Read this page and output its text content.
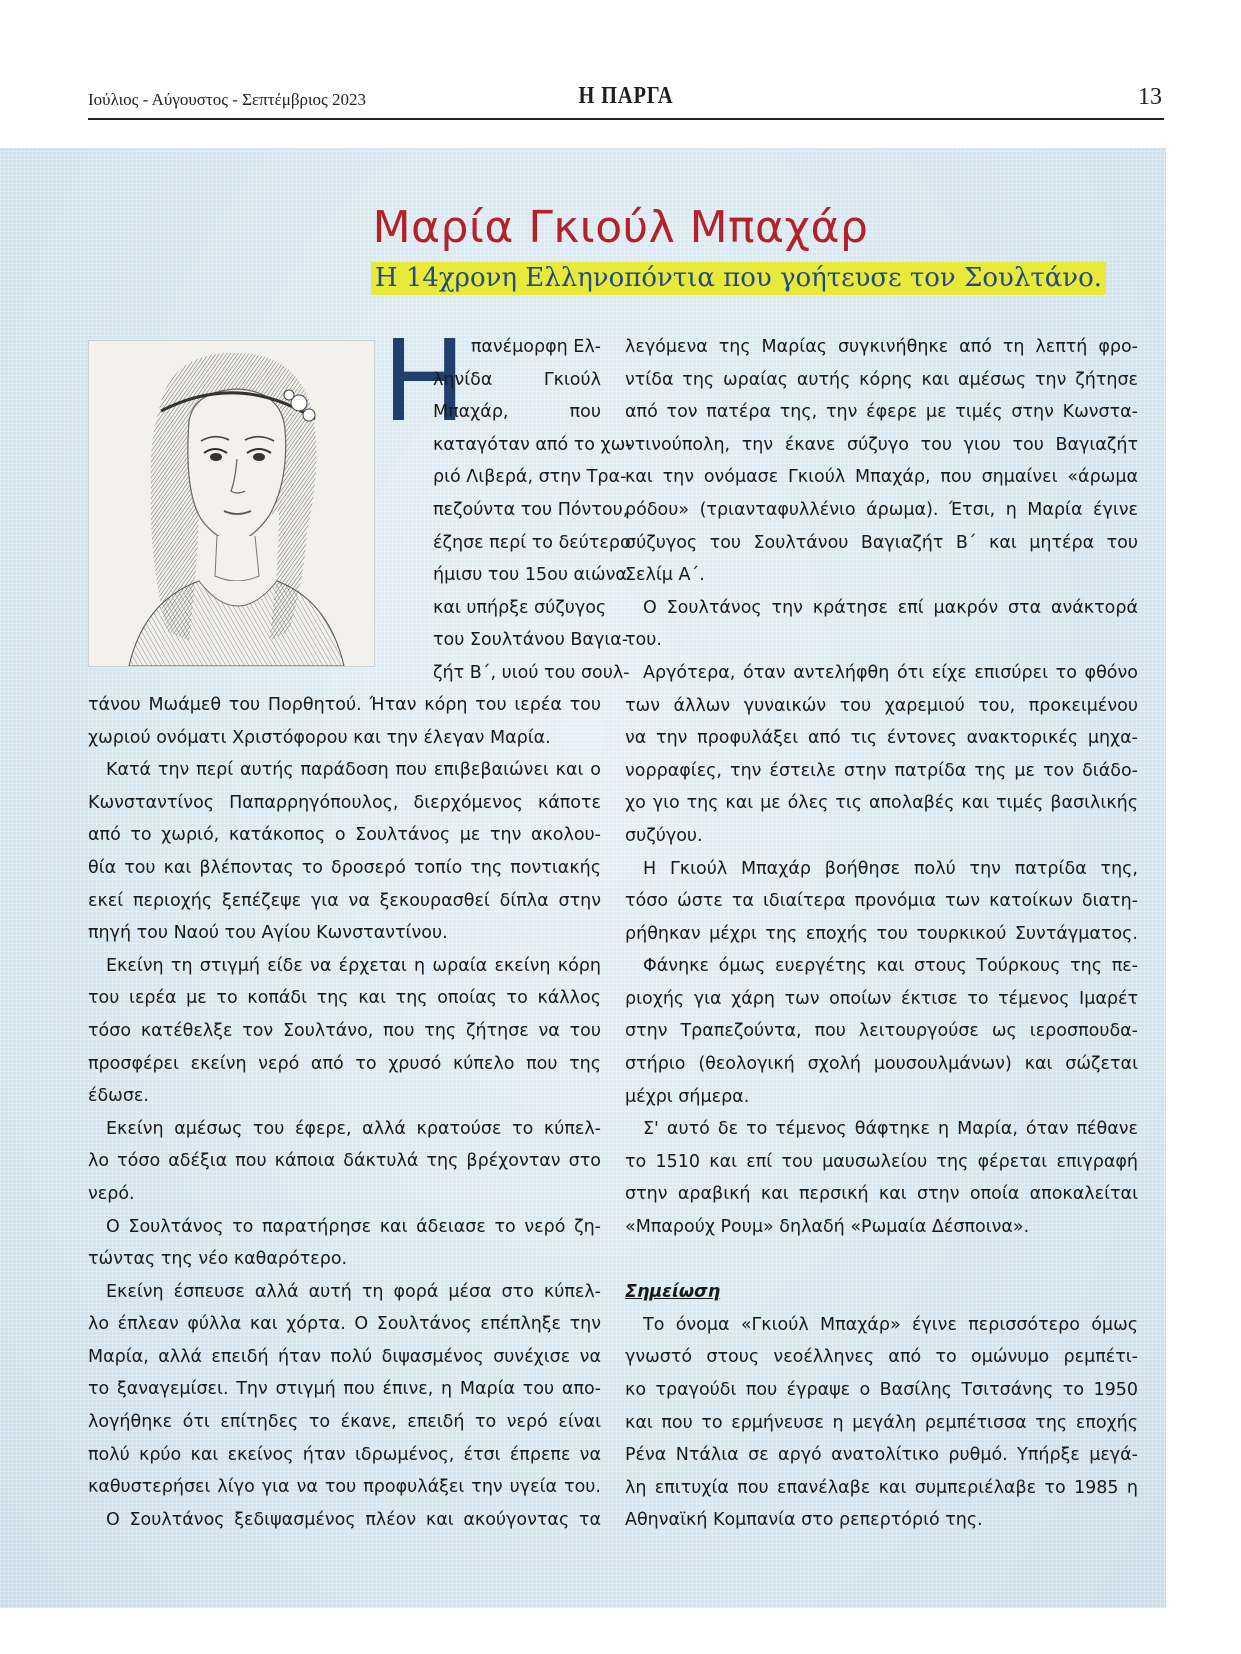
Ιούλιος - Αύγουστος - Σεπτέμβριος 2023	Η ΠΑΡΓΑ	13
Μαρία Γκιούλ Μπαχάρ
Η 14χρονη Ελληνοπόντια που γοήτευσε τον Σουλτάνο.
Η πανέμορφη Ελ-
ληνίδα Γκιούλ
Μπαχάρ, που
καταγόταν από το χω-
ριό Λιβερά, στην Τρα-
πεζούντα του Πόντου,
έζησε περί το δεύτερο
ήμισυ του 15ου αιώνα
και υπήρξε σύζυγος
του Σουλτάνου Βαγια-
ζήτ Β΄, υιού του σουλ-
τάνου Μωάμεθ του Πορθητού. Ήταν κόρη του ιερέα του
χωριού ονόματι Χριστόφορου και την έλεγαν Μαρία.
Κατά την περί αυτής παράδοση που επιβεβαιώνει και ο
Κωνσταντίνος Παπαρρηγόπουλος, διερχόμενος κάποτε
από το χωριό, κατάκοπος ο Σουλτάνος με την ακολου-
θία του και βλέποντας το δροσερό τοπίο της ποντιακής
εκεί περιοχής ξεπέζεψε για να ξεκουρασθεί δίπλα στην
πηγή του Ναού του Αγίου Κωνσταντίνου.
Εκείνη τη στιγμή είδε να έρχεται η ωραία εκείνη κόρη
του ιερέα με το κοπάδι της και της οποίας το κάλλος
τόσο κατέθελξε τον Σουλτάνο, που της ζήτησε να του
προσφέρει εκείνη νερό από το χρυσό κύπελο που της
έδωσε.
Εκείνη αμέσως του έφερε, αλλά κρατούσε το κύπελ-
λο τόσο αδέξια που κάποια δάκτυλά της βρέχονταν στο
νερό.
Ο Σουλτάνος το παρατήρησε και άδειασε το νερό ζη-
τώντας της νέο καθαρότερο.
Εκείνη έσπευσε αλλά αυτή τη φορά μέσα στο κύπελ-
λο έπλεαν φύλλα και χόρτα. Ο Σουλτάνος επέπληξε την
Μαρία, αλλά επειδή ήταν πολύ διψασμένος συνέχισε να
το ξαναγεμίσει. Την στιγμή που έπινε, η Μαρία του απο-
λογήθηκε ότι επίτηδες το έκανε, επειδή το νερό είναι
πολύ κρύο και εκείνος ήταν ιδρωμένος, έτσι έπρεπε να
καθυστερήσει λίγο για να του προφυλάξει την υγεία του.
Ο Σουλτάνος ξεδιψασμένος πλέον και ακούγοντας τα
λεγόμενα της Μαρίας συγκινήθηκε από τη λεπτή φρο-
ντίδα της ωραίας αυτής κόρης και αμέσως την ζήτησε
από τον πατέρα της, την έφερε με τιμές στην Κωνστα-
ντινούπολη, την έκανε σύζυγο του γιου του Βαγιαζήτ
και την ονόμασε Γκιούλ Μπαχάρ, που σημαίνει «άρωμα
ρόδου» (τριανταφυλλένιο άρωμα). Έτσι, η Μαρία έγινε
σύζυγος του Σουλτάνου Βαγιαζήτ Β΄ και μητέρα του
Σελίμ Α΄.
Ο Σουλτάνος την κράτησε επί μακρόν στα ανάκτορά
του.
Αργότερα, όταν αντελήφθη ότι είχε επισύρει το φθόνο
των άλλων γυναικών του χαρεμιού του, προκειμένου
να την προφυλάξει από τις έντονες ανακτορικές μηχα-
νορραφίες, την έστειλε στην πατρίδα της με τον διάδο-
χο γιο της και με όλες τις απολαβές και τιμές βασιλικής
συζύγου.
Η Γκιούλ Μπαχάρ βοήθησε πολύ την πατρίδα της,
τόσο ώστε τα ιδιαίτερα προνόμια των κατοίκων διατη-
ρήθηκαν μέχρι της εποχής του τουρκικού Συντάγματος.
Φάνηκε όμως ευεργέτης και στους Τούρκους της πε-
ριοχής για χάρη των οποίων έκτισε το τέμενος Ιμαρέτ
στην Τραπεζούντα, που λειτουργούσε ως ιεροσπουδα-
στήριο (θεολογική σχολή μουσουλμάνων) και σώζεται
μέχρι σήμερα.
Σ' αυτό δε το τέμενος θάφτηκε η Μαρία, όταν πέθανε
το 1510 και επί του μαυσωλείου της φέρεται επιγραφή
στην αραβική και περσική και στην οποία αποκαλείται
«Μπαρούχ Ρουμ» δηλαδή «Ρωμαία Δέσποινα».

Σημείωση
Το όνομα «Γκιούλ Μπαχάρ» έγινε περισσότερο όμως
γνωστό στους νεοέλληνες από το ομώνυμο ρεμπέτι-
κο τραγούδι που έγραψε ο Βασίλης Τσιτσάνης το 1950
και που το ερμήνευσε η μεγάλη ρεμπέτισσα της εποχής
Ρένα Ντάλια σε αργό ανατολίτικο ρυθμό. Υπήρξε μεγά-
λη επιτυχία που επανέλαβε και συμπεριέλαβε το 1985 η
Αθηναϊκή Κομπανία στο ρεπερτόριό της.
